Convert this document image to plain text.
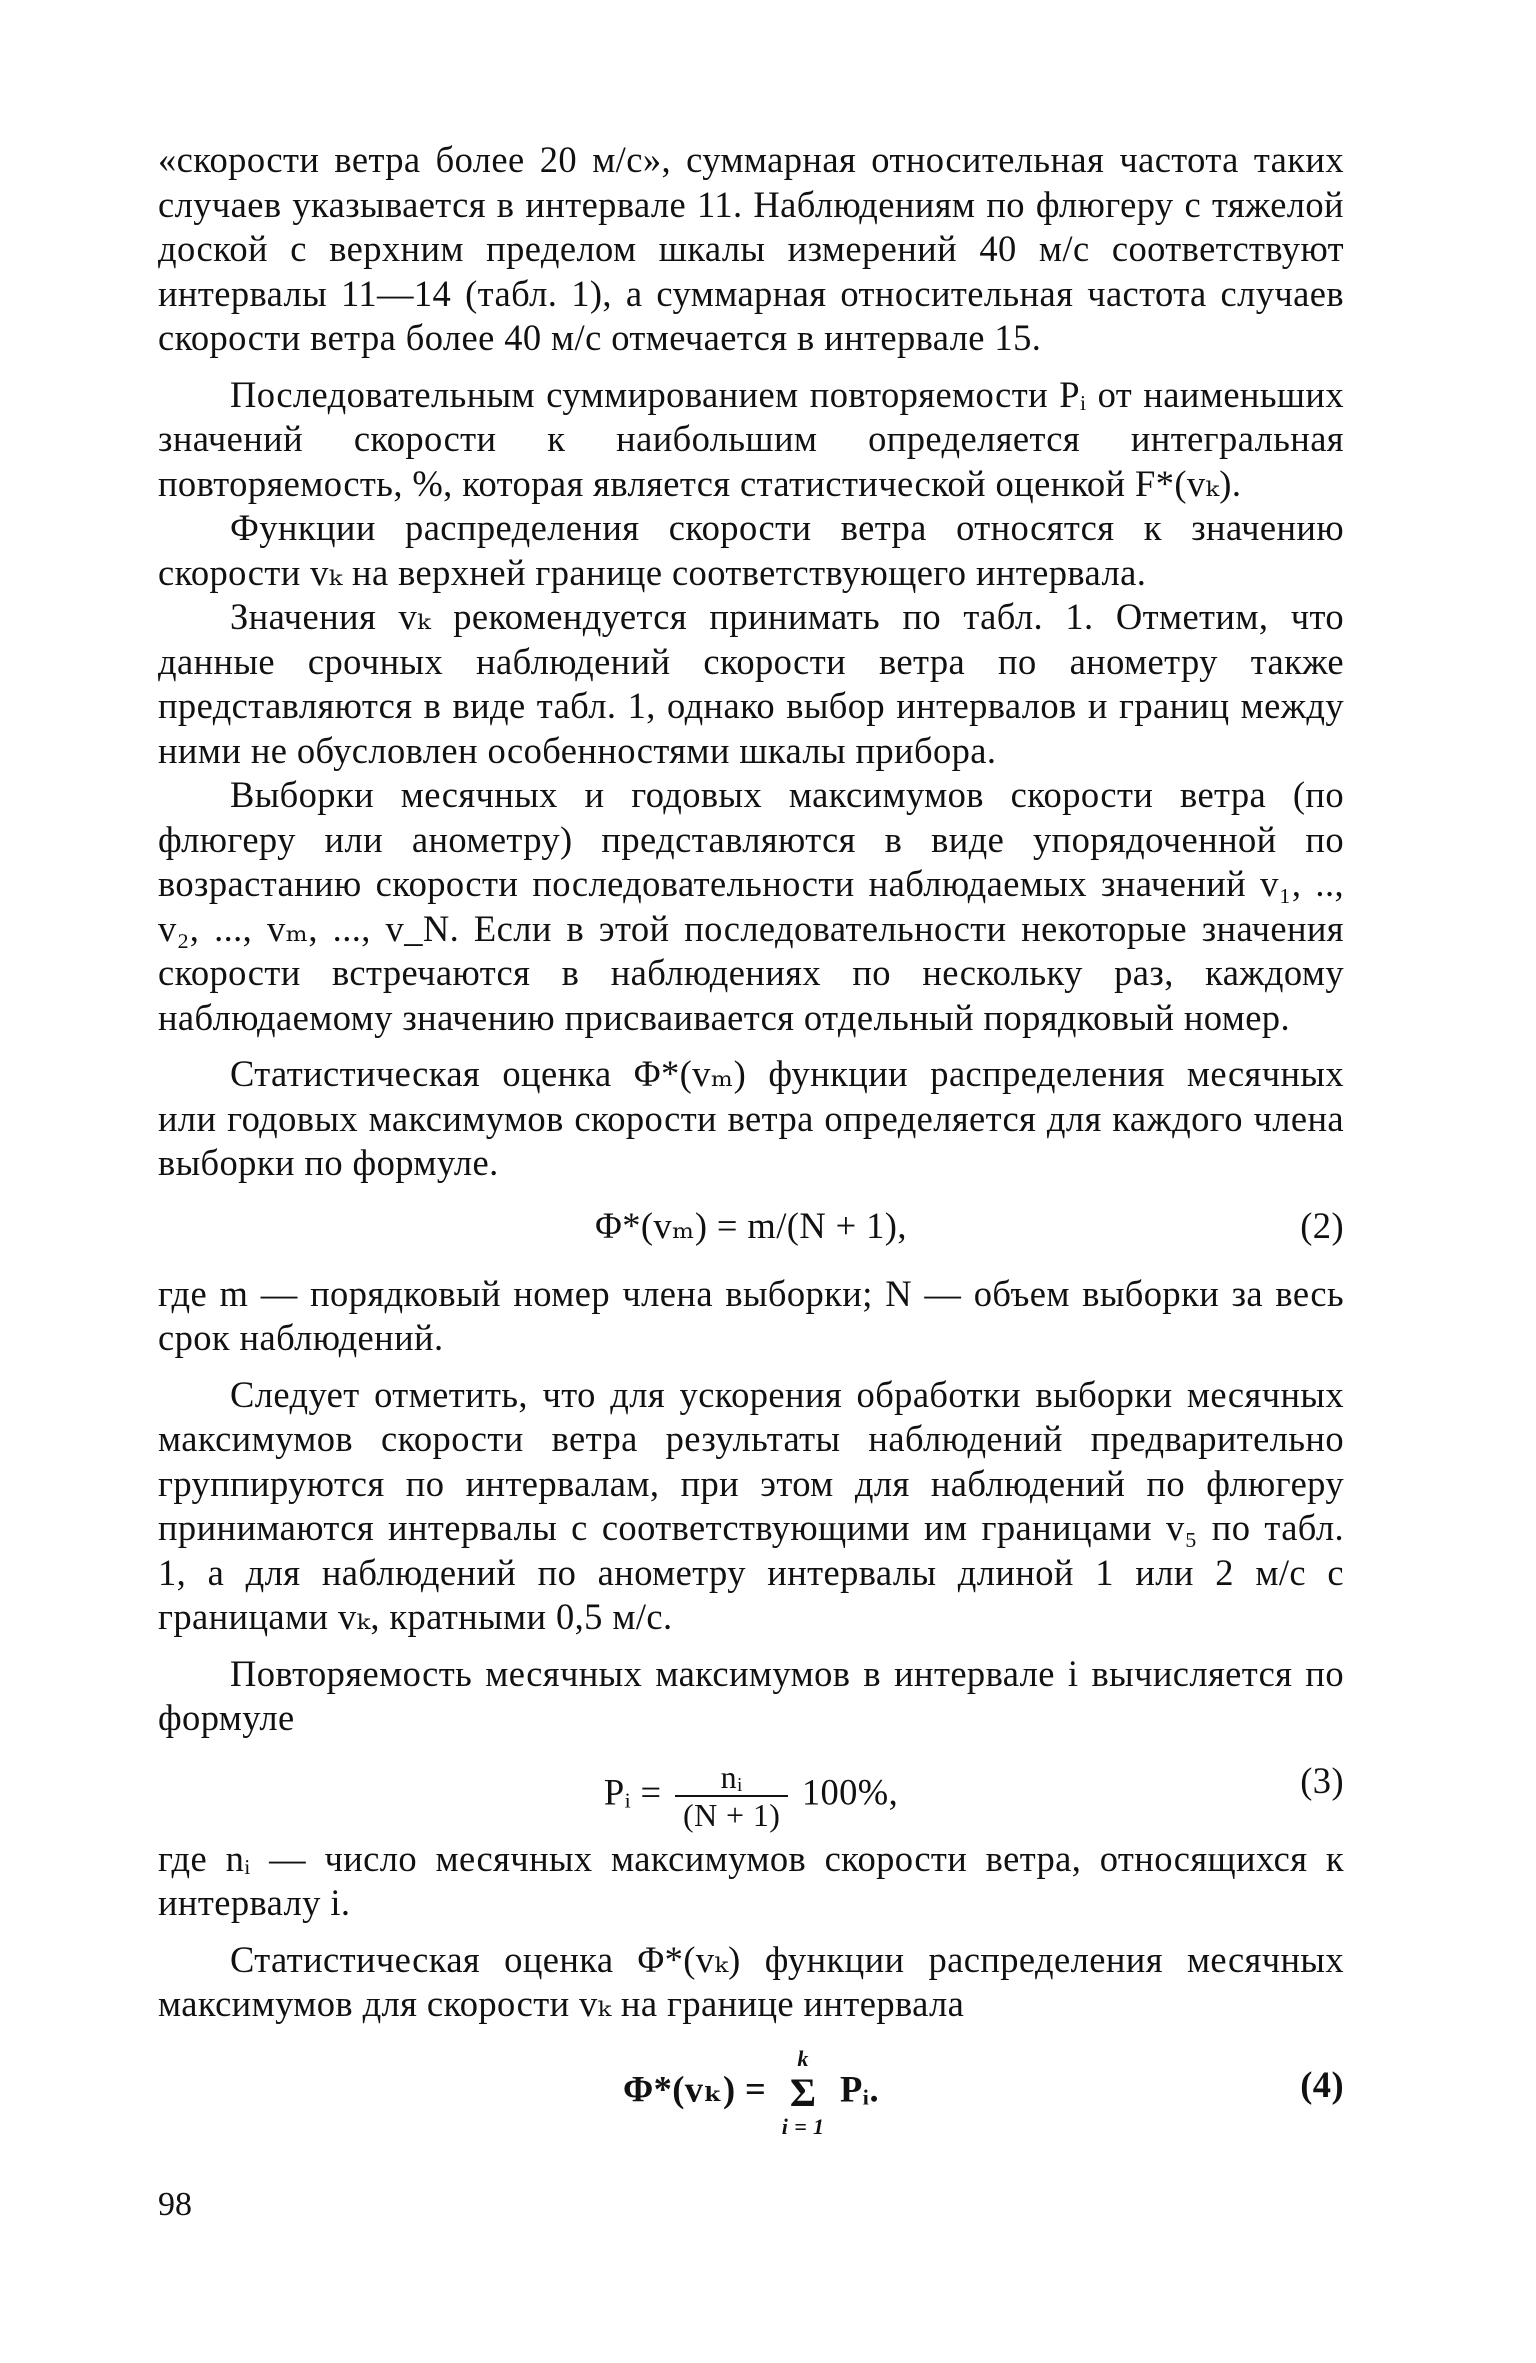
«скорости ветра более 20 м/с», суммарная относительная частота таких случаев указывается в интервале 11. Наблюдениям по флюгеру с тяжелой доской с верхним пределом шкалы измерений 40 м/с соответствуют интервалы 11—14 (табл. 1), а суммарная относительная частота случаев скорости ветра более 40 м/с отмечается в интервале 15.

Последовательным суммированием повторяемости Pᵢ от наименьших значений скорости к наибольшим определяется интегральная повторяемость, %, которая является статистической оценкой F*(vₖ).

Функции распределения скорости ветра относятся к значению скорости vₖ на верхней границе соответствующего интервала.

Значения vₖ рекомендуется принимать по табл. 1. Отметим, что данные срочных наблюдений скорости ветра по анометру также представляются в виде табл. 1, однако выбор интервалов и границ между ними не обусловлен особенностями шкалы прибора.

Выборки месячных и годовых максимумов скорости ветра (по флюгеру или анометру) представляются в виде упорядоченной по возрастанию скорости последовательности наблюдаемых значений v₁, .., v₂, ..., vₘ, ..., v_N. Если в этой последовательности некоторые значения скорости встречаются в наблюдениях по нескольку раз, каждому наблюдаемому значению присваивается отдельный порядковый номер.

Статистическая оценка Φ*(vₘ) функции распределения месячных или годовых максимумов скорости ветра определяется для каждого члена выборки по формуле.

Φ*(vₘ) = m/(N + 1),	(2)

где m — порядковый номер члена выборки; N — объем выборки за весь срок наблюдений.

Следует отметить, что для ускорения обработки выборки месячных максимумов скорости ветра результаты наблюдений предварительно группируются по интервалам, при этом для наблюдений по флюгеру принимаются интервалы с соответствующими им границами v₅ по табл. 1, а для наблюдений по анометру интервалы длиной 1 или 2 м/с с границами vₖ, кратными 0,5 м/с.

Повторяемость месячных максимумов в интервале i вычисляется по формуле

Pᵢ = $\frac{\text{nᵢ}}{(N + 1)} 100\%$,	(3)

где nᵢ — число месячных максимумов скорости ветра, относящихся к интервалу i.

Статистическая оценка Φ*(vₖ) функции распределения месячных максимумов для скорости vₖ на границе интервала

Φ*(vₖ) =
k
Σ
i = 1
Pᵢ.	(4)
98
